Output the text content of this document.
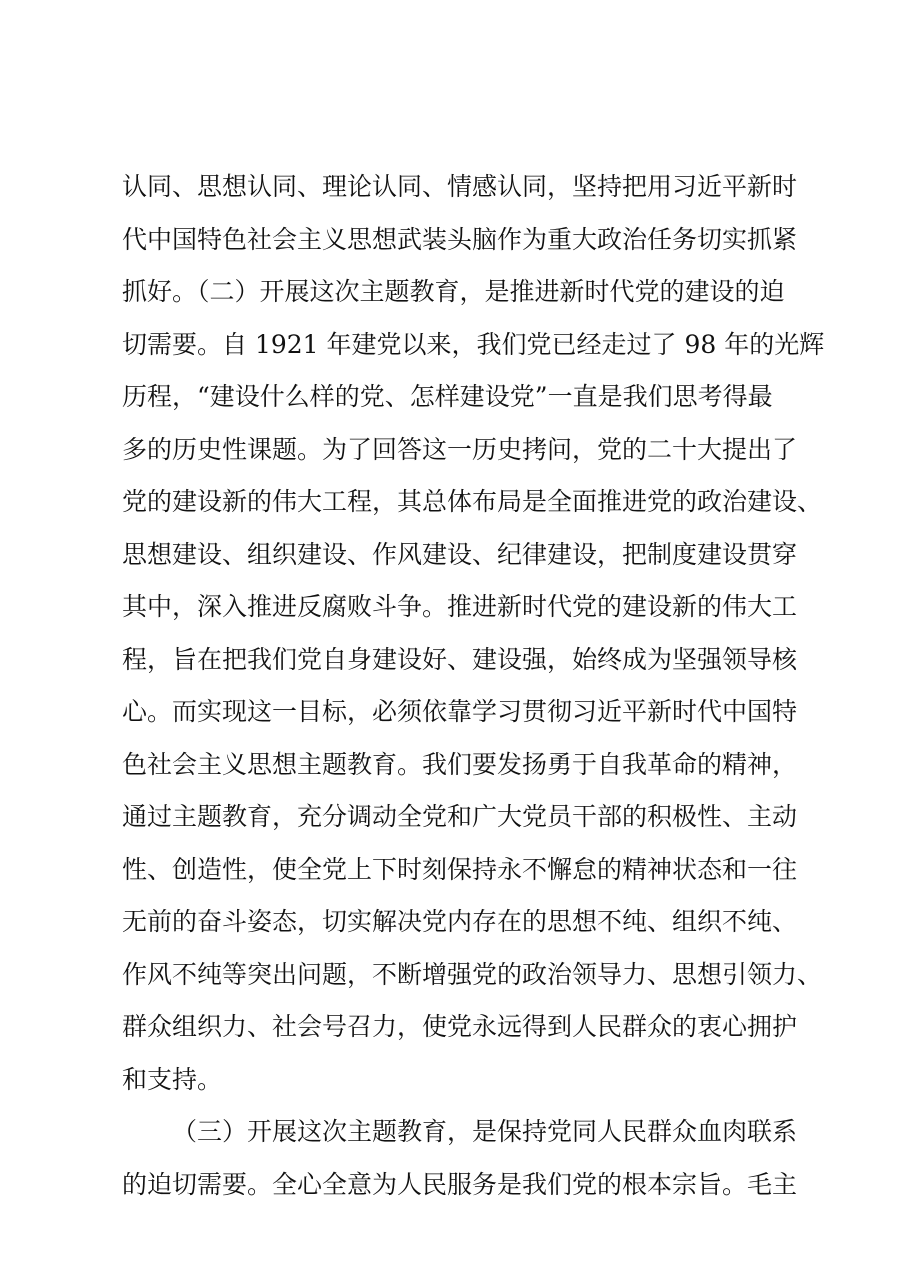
认同、思想认同、理论认同、情感认同，坚持把用习近平新时
代中国特色社会主义思想武装头脑作为重大政治任务切实抓紧
抓好。（二）开展这次主题教育，是推进新时代党的建设的迫
切需要。自 1921 年建党以来，我们党已经走过了 98 年的光辉
历程，“建设什么样的党、怎样建设党”一直是我们思考得最
多的历史性课题。为了回答这一历史拷问，党的二十大提出了
党的建设新的伟大工程，其总体布局是全面推进党的政治建设、
思想建设、组织建设、作风建设、纪律建设，把制度建设贯穿
其中，深入推进反腐败斗争。推进新时代党的建设新的伟大工
程，旨在把我们党自身建设好、建设强，始终成为坚强领导核
心。而实现这一目标，必须依靠学习贯彻习近平新时代中国特
色社会主义思想主题教育。我们要发扬勇于自我革命的精神，
通过主题教育，充分调动全党和广大党员干部的积极性、主动
性、创造性，使全党上下时刻保持永不懈怠的精神状态和一往
无前的奋斗姿态，切实解决党内存在的思想不纯、组织不纯、
作风不纯等突出问题，不断增强党的政治领导力、思想引领力、
群众组织力、社会号召力，使党永远得到人民群众的衷心拥护
和支持。
（三）开展这次主题教育，是保持党同人民群众血肉联系
的迫切需要。全心全意为人民服务是我们党的根本宗旨。毛主
